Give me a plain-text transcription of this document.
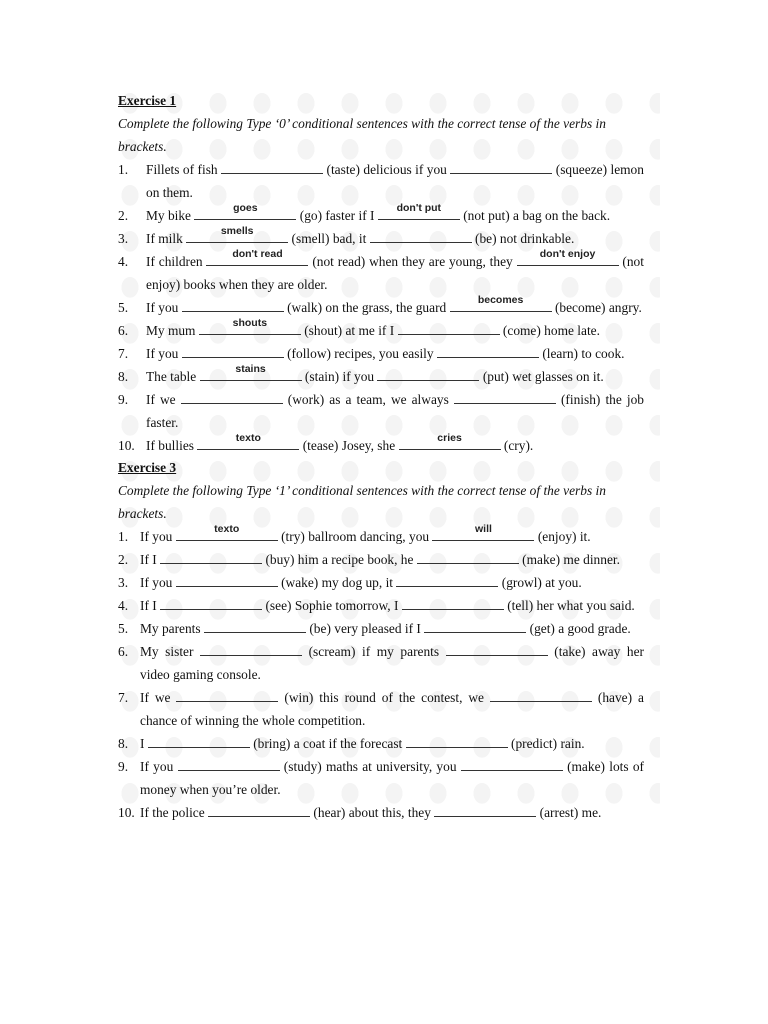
Exercise 1
Complete the following Type ‘0’ conditional sentences with the correct tense of the verbs in brackets.
1.	Fillets of fish	(taste) delicious if you	(squeeze) lemon on them.
2.	My bike	goes	(go) faster if I	don't put	(not put) a bag on the back.
3.	If milk	smells	(smell) bad, it	(be) not drinkable.
4.	If children	don't read	(not read) when they are young, they	don't enjoy	(not enjoy) books when they are older.
5.	If you	(walk) on the grass, the guard	becomes	(become) angry.
6.	My mum	shouts	(shout) at me if I	(come) home late.
7.	If you	(follow) recipes, you easily	(learn) to cook.
8.	The table	stains	(stain) if you	(put) wet glasses on it.
9.	If we	(work) as a team, we always	(finish) the job faster.
10. If bullies	texto	(tease) Josey, she	cries	(cry).
Exercise 3
Complete the following Type ‘1’ conditional sentences with the correct tense of the verbs in brackets.
1. If you	texto	(try) ballroom dancing, you	will	(enjoy) it.
2. If I	(buy) him a recipe book, he	(make) me dinner.
3. If you	(wake) my dog up, it	(growl) at you.
4. If I	(see) Sophie tomorrow, I	(tell) her what you said.
5. My parents	(be) very pleased if I	(get) a good grade.
6. My sister	(scream) if my parents	(take) away her video gaming console.
7. If we	(win) this round of the contest, we	(have) a chance of winning the whole competition.
8. I	(bring) a coat if the forecast	(predict) rain.
9. If you	(study) maths at university, you	(make) lots of money when you’re older.
10. If the police	(hear) about this, they	(arrest) me.
